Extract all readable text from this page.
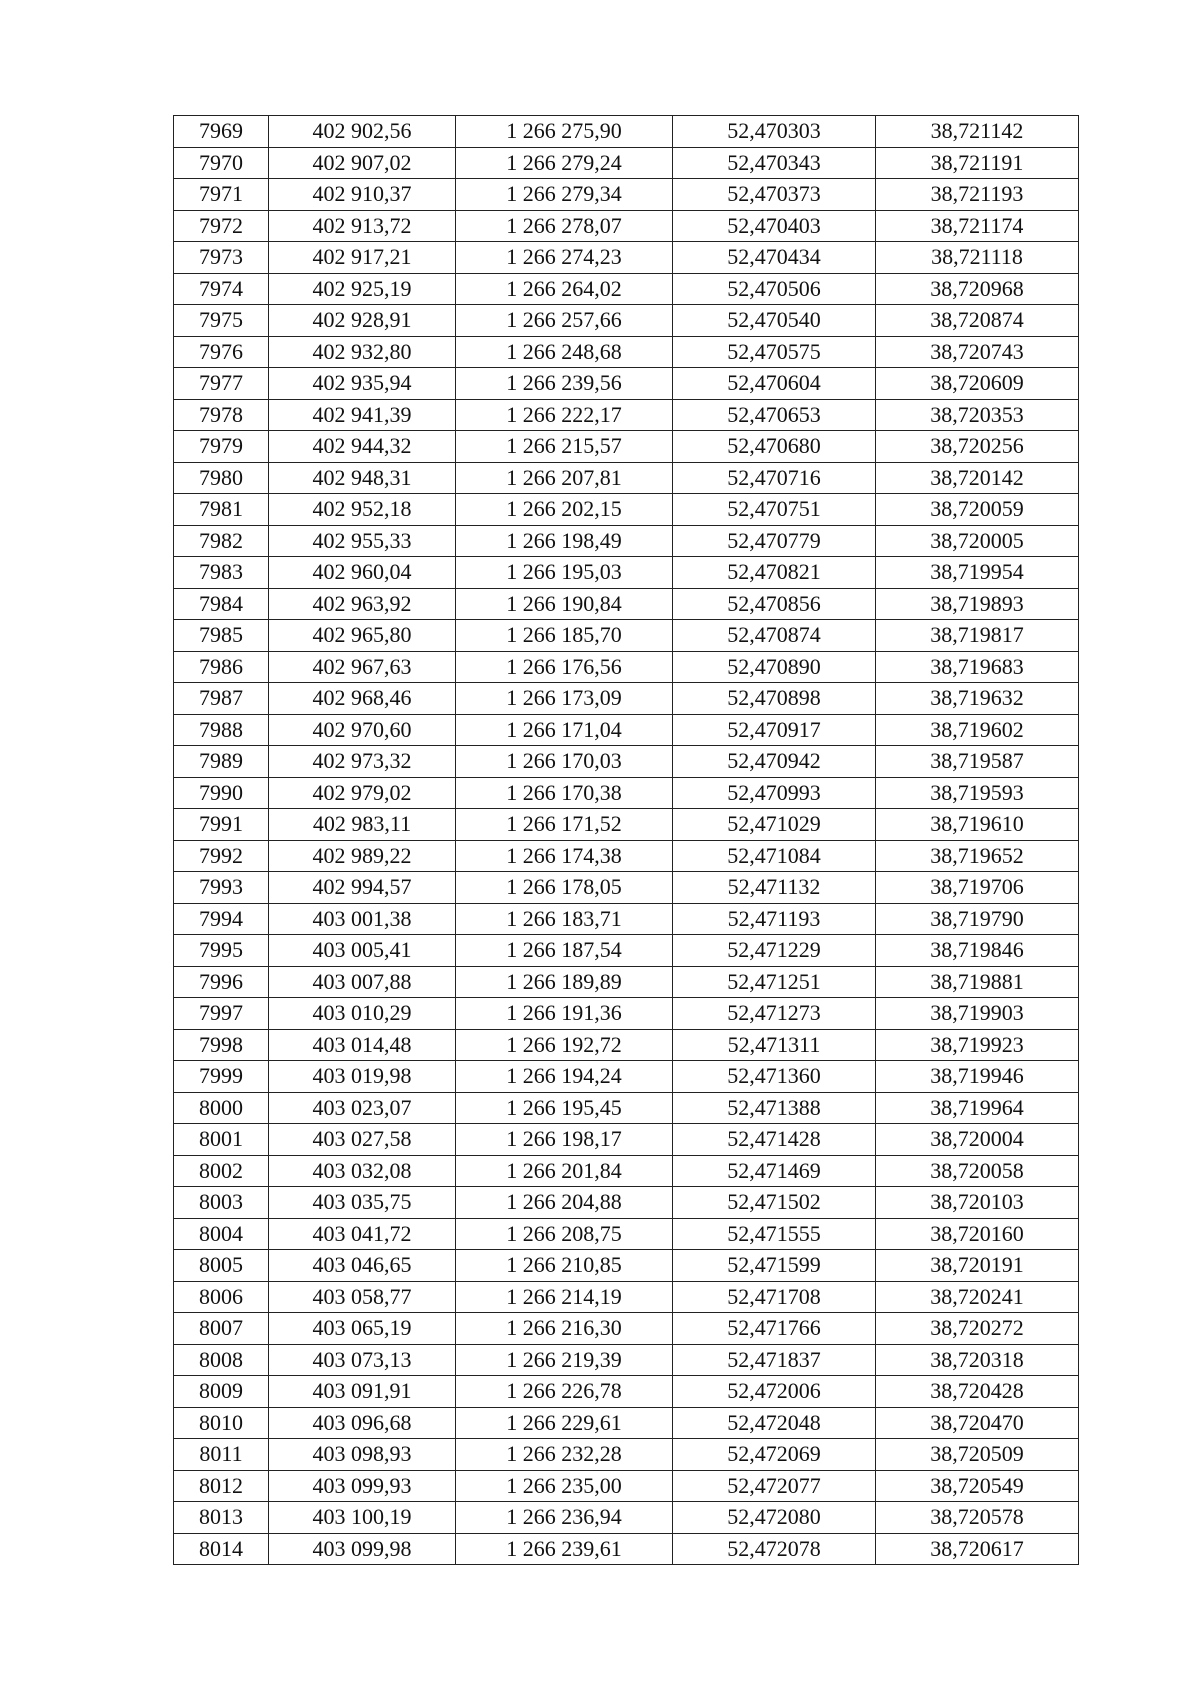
7969	402 902,56	1 266 275,90	52,470303	38,721142
7970	402 907,02	1 266 279,24	52,470343	38,721191
7971	402 910,37	1 266 279,34	52,470373	38,721193
7972	402 913,72	1 266 278,07	52,470403	38,721174
7973	402 917,21	1 266 274,23	52,470434	38,721118
7974	402 925,19	1 266 264,02	52,470506	38,720968
7975	402 928,91	1 266 257,66	52,470540	38,720874
7976	402 932,80	1 266 248,68	52,470575	38,720743
7977	402 935,94	1 266 239,56	52,470604	38,720609
7978	402 941,39	1 266 222,17	52,470653	38,720353
7979	402 944,32	1 266 215,57	52,470680	38,720256
7980	402 948,31	1 266 207,81	52,470716	38,720142
7981	402 952,18	1 266 202,15	52,470751	38,720059
7982	402 955,33	1 266 198,49	52,470779	38,720005
7983	402 960,04	1 266 195,03	52,470821	38,719954
7984	402 963,92	1 266 190,84	52,470856	38,719893
7985	402 965,80	1 266 185,70	52,470874	38,719817
7986	402 967,63	1 266 176,56	52,470890	38,719683
7987	402 968,46	1 266 173,09	52,470898	38,719632
7988	402 970,60	1 266 171,04	52,470917	38,719602
7989	402 973,32	1 266 170,03	52,470942	38,719587
7990	402 979,02	1 266 170,38	52,470993	38,719593
7991	402 983,11	1 266 171,52	52,471029	38,719610
7992	402 989,22	1 266 174,38	52,471084	38,719652
7993	402 994,57	1 266 178,05	52,471132	38,719706
7994	403 001,38	1 266 183,71	52,471193	38,719790
7995	403 005,41	1 266 187,54	52,471229	38,719846
7996	403 007,88	1 266 189,89	52,471251	38,719881
7997	403 010,29	1 266 191,36	52,471273	38,719903
7998	403 014,48	1 266 192,72	52,471311	38,719923
7999	403 019,98	1 266 194,24	52,471360	38,719946
8000	403 023,07	1 266 195,45	52,471388	38,719964
8001	403 027,58	1 266 198,17	52,471428	38,720004
8002	403 032,08	1 266 201,84	52,471469	38,720058
8003	403 035,75	1 266 204,88	52,471502	38,720103
8004	403 041,72	1 266 208,75	52,471555	38,720160
8005	403 046,65	1 266 210,85	52,471599	38,720191
8006	403 058,77	1 266 214,19	52,471708	38,720241
8007	403 065,19	1 266 216,30	52,471766	38,720272
8008	403 073,13	1 266 219,39	52,471837	38,720318
8009	403 091,91	1 266 226,78	52,472006	38,720428
8010	403 096,68	1 266 229,61	52,472048	38,720470
8011	403 098,93	1 266 232,28	52,472069	38,720509
8012	403 099,93	1 266 235,00	52,472077	38,720549
8013	403 100,19	1 266 236,94	52,472080	38,720578
8014	403 099,98	1 266 239,61	52,472078	38,720617
